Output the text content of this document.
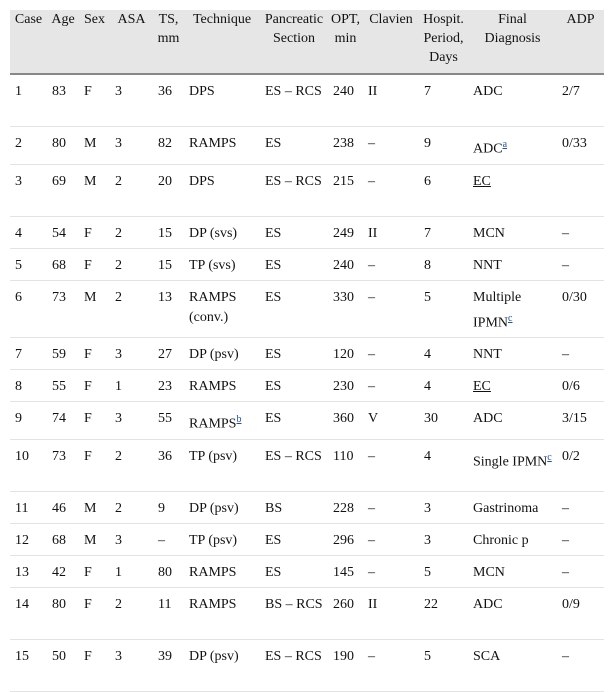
Case	Age	Sex	ASA	TS, mm	Technique	Pancreatic Section	OPT, min	Clavien	Hospit. Period, Days	Final Diagnosis	ADP
1	83	F	3	36	DPS	ES – RCS	240	II	7	ADC	2/7
2	80	M	3	82	RAMPS	ES	238	–	9	ADC$^a$	0/33
3	69	M	2	20	DPS	ES – RCS	215	–	6	EC	
4	54	F	2	15	DP (svs)	ES	249	II	7	MCN	–
5	68	F	2	15	TP (svs)	ES	240	–	8	NNT	–
6	73	M	2	13	RAMPS (conv.)	ES	330	–	5	Multiple IPMN$^c$	0/30
7	59	F	3	27	DP (psv)	ES	120	–	4	NNT	–
8	55	F	1	23	RAMPS	ES	230	–	4	EC	0/6
9	74	F	3	55	RAMPS$^b$	ES	360	V	30	ADC	3/15
10	73	F	2	36	TP (psv)	ES – RCS	110	–	4	Single IPMN$^c$	0/2
11	46	M	2	9	DP (psv)	BS	228	–	3	Gastrinoma	–
12	68	M	3	–	TP (psv)	ES	296	–	3	Chronic p	–
13	42	F	1	80	RAMPS	ES	145	–	5	MCN	–
14	80	F	2	11	RAMPS	BS – RCS	260	II	22	ADC	0/9
15	50	F	3	39	DP (psv)	ES – RCS	190	–	5	SCA	–
